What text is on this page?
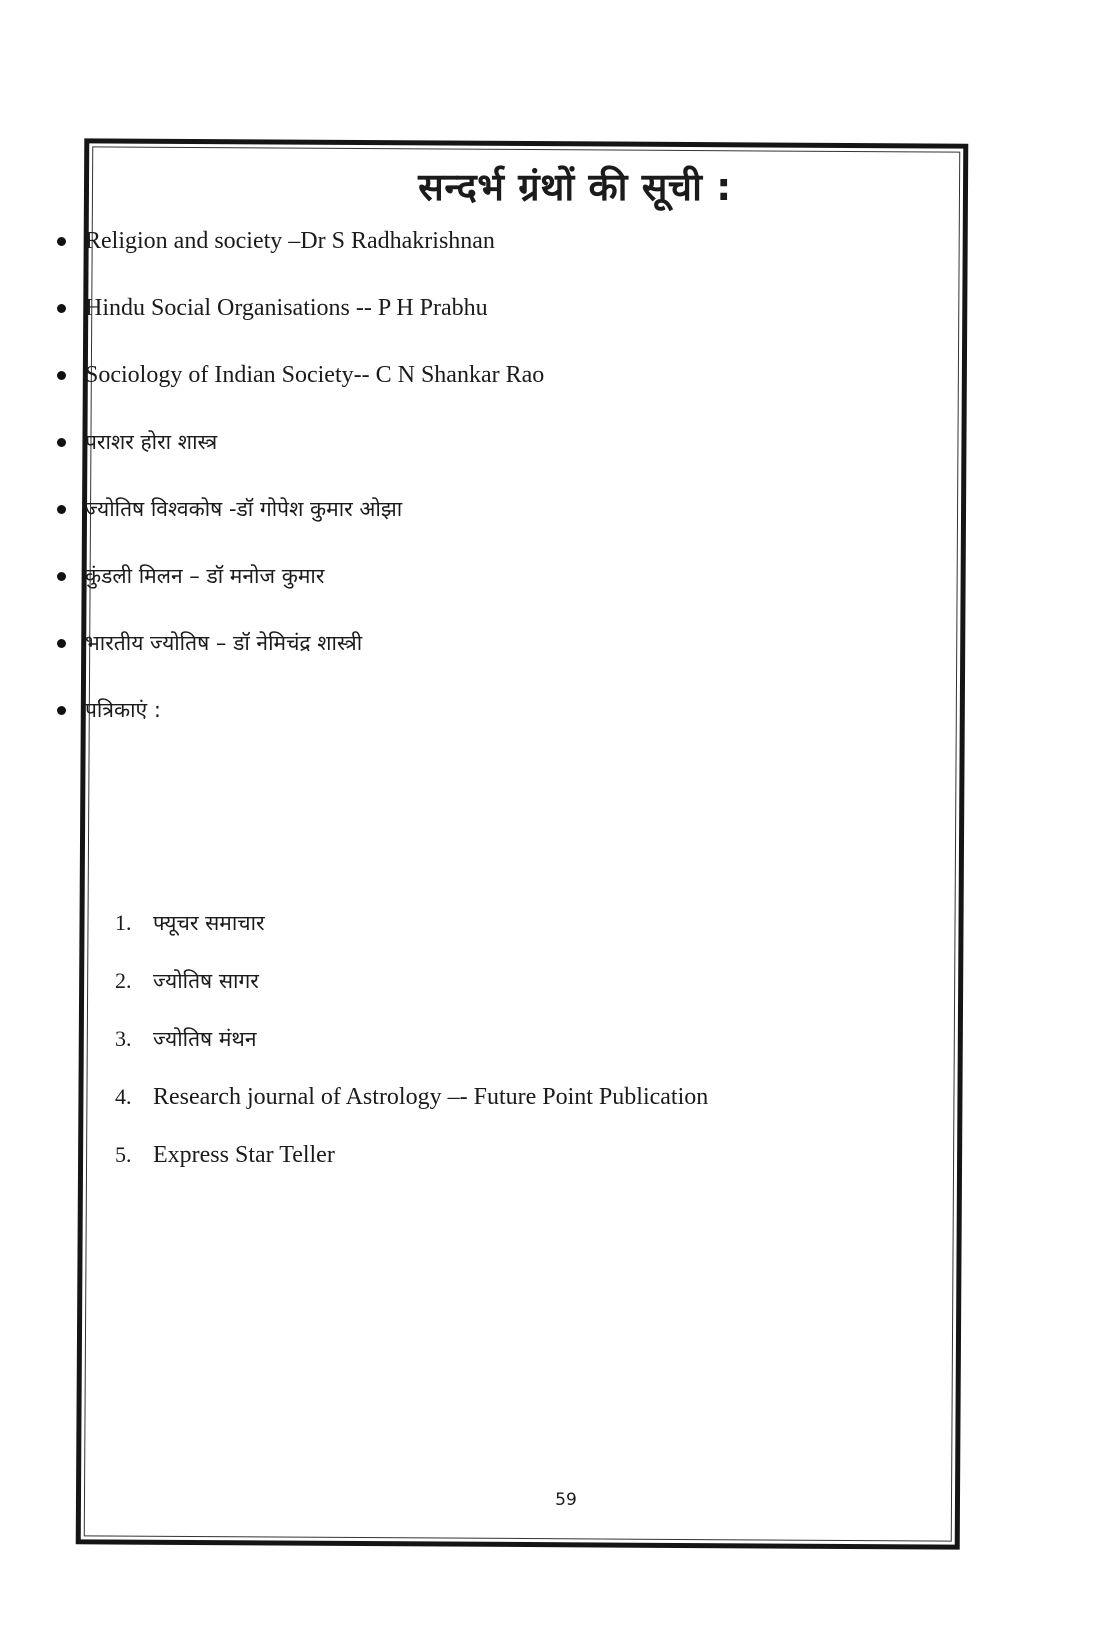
सन्दर्भ ग्रंथों की सूची :
Religion and society –Dr S Radhakrishnan
Hindu Social Organisations -- P H Prabhu
Sociology of Indian Society-- C N Shankar Rao
पराशर होरा शास्त्र
ज्योतिष विश्वकोष -डॉ गोपेश कुमार ओझा
कुंडली मिलन – डॉ मनोज कुमार
भारतीय ज्योतिष – डॉ नेमिचंद्र शास्त्री
पत्रिकाएं :
1. फ्यूचर समाचार
2. ज्योतिष सागर
3. ज्योतिष मंथन
4. Research journal of Astrology –- Future Point Publication
5. Express Star Teller
59
